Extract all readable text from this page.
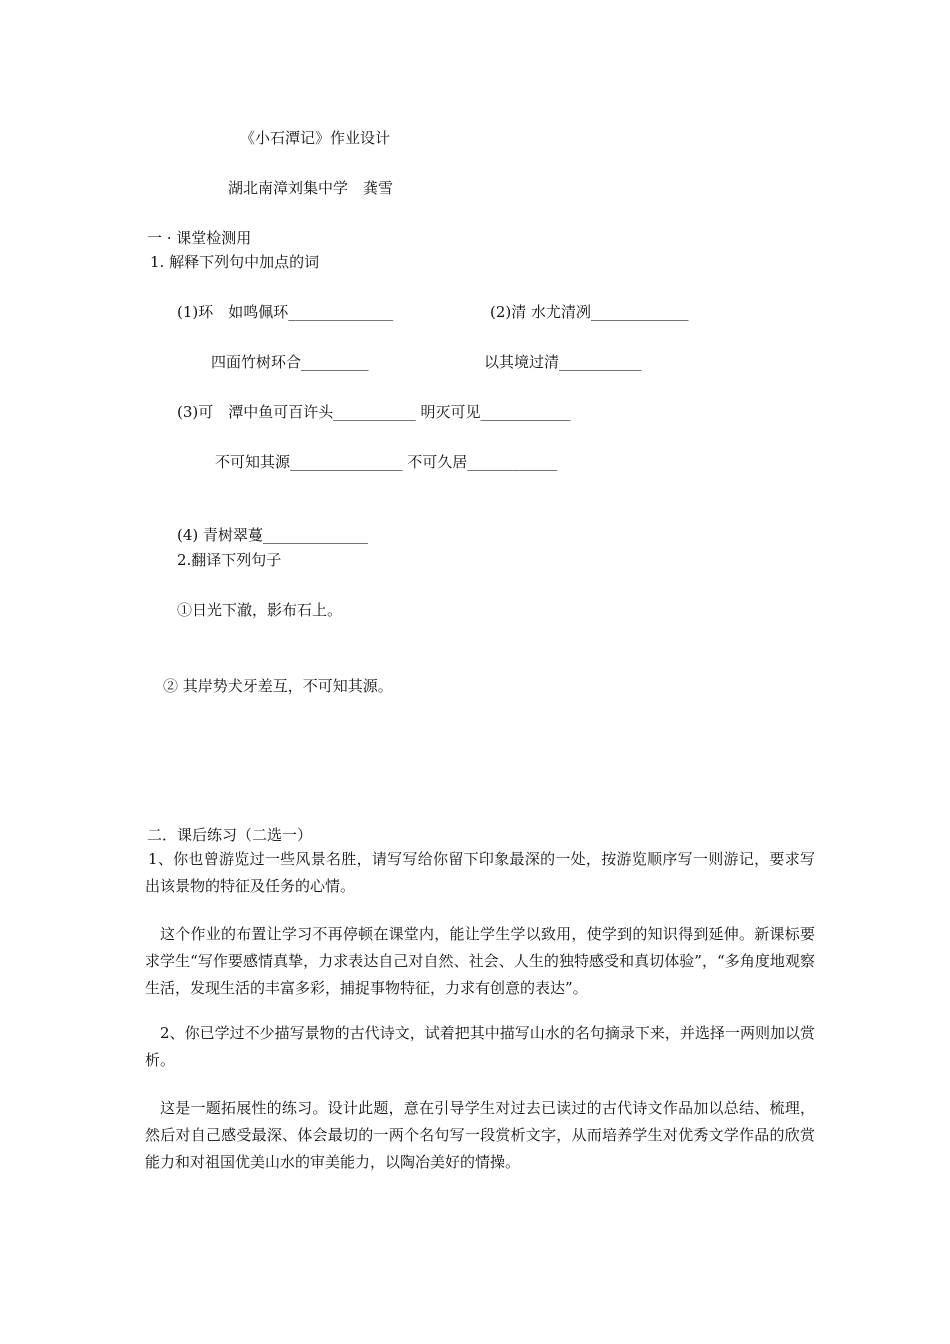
《小石潭记》作业设计
湖北南漳刘集中学　龚雪
一 · 课堂检测用
1. 解释下列句中加点的词
(1)环　如鸣佩环______________	(2)清 水尤清冽_____________
四面竹树环合_________	以其境过清___________
(3)可　潭中鱼可百许头___________ 明灭可见____________
不可知其源_______________ 不可久居____________
(4) 青树翠蔓______________
2.翻译下列句子
①日光下澈，影布石上。
② 其岸势犬牙差互，不可知其源。
二．课后练习（二选一）
1、你也曾游览过一些风景名胜，请写写给你留下印象最深的一处，按游览顺序写一则游记，要求写出该景物的特征及任务的心情。
这个作业的布置让学习不再停顿在课堂内，能让学生学以致用，使学到的知识得到延伸。新课标要求学生“写作要感情真挚，力求表达自己对自然、社会、人生的独特感受和真切体验”，“多角度地观察生活，发现生活的丰富多彩，捕捉事物特征，力求有创意的表达”。
2、你已学过不少描写景物的古代诗文，试着把其中描写山水的名句摘录下来，并选择一两则加以赏析。
这是一题拓展性的练习。设计此题，意在引导学生对过去已读过的古代诗文作品加以总结、梳理，然后对自己感受最深、体会最切的一两个名句写一段赏析文字，从而培养学生对优秀文学作品的欣赏能力和对祖国优美山水的审美能力，以陶冶美好的情操。
